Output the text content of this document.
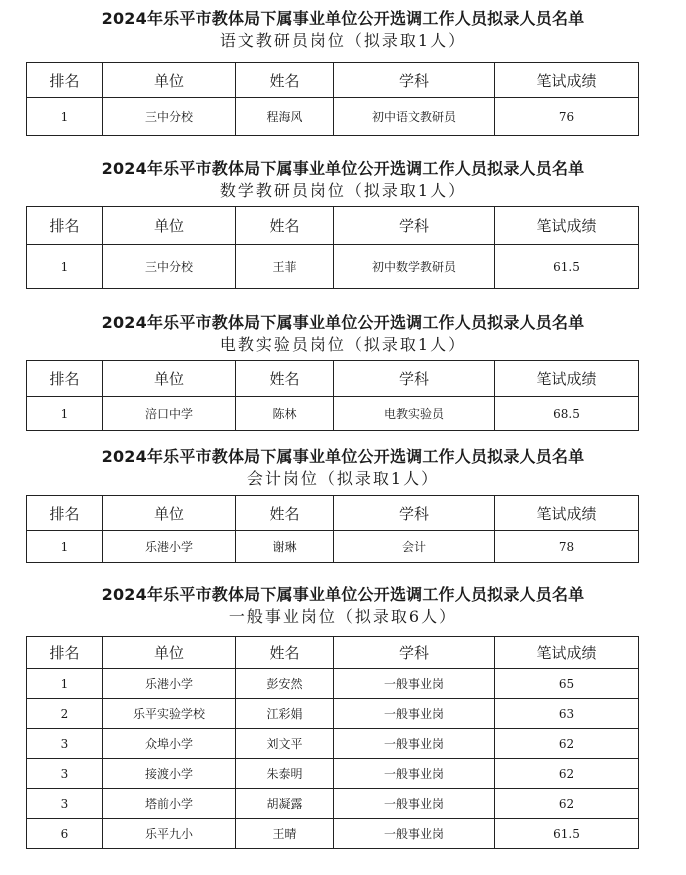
2024年乐平市教体局下属事业单位公开选调工作人员拟录人员名单
语文教研员岗位（拟录取1人）
排名	单位	姓名	学科	笔试成绩
1	三中分校	程海风	初中语文教研员	76
2024年乐平市教体局下属事业单位公开选调工作人员拟录人员名单
数学教研员岗位（拟录取1人）
排名	单位	姓名	学科	笔试成绩
1	三中分校	王菲	初中数学教研员	61.5
2024年乐平市教体局下属事业单位公开选调工作人员拟录人员名单
电教实验员岗位（拟录取1人）
排名	单位	姓名	学科	笔试成绩
1	涪口中学	陈林	电教实验员	68.5
2024年乐平市教体局下属事业单位公开选调工作人员拟录人员名单
会计岗位（拟录取1人）
排名	单位	姓名	学科	笔试成绩
1	乐港小学	谢琳	会计	78
2024年乐平市教体局下属事业单位公开选调工作人员拟录人员名单
一般事业岗位（拟录取6人）
排名	单位	姓名	学科	笔试成绩
1	乐港小学	彭安然	一般事业岗	65
2	乐平实验学校	江彩娟	一般事业岗	63
3	众埠小学	刘文平	一般事业岗	62
3	接渡小学	朱泰明	一般事业岗	62
3	塔前小学	胡凝露	一般事业岗	62
6	乐平九小	王晴	一般事业岗	61.5
